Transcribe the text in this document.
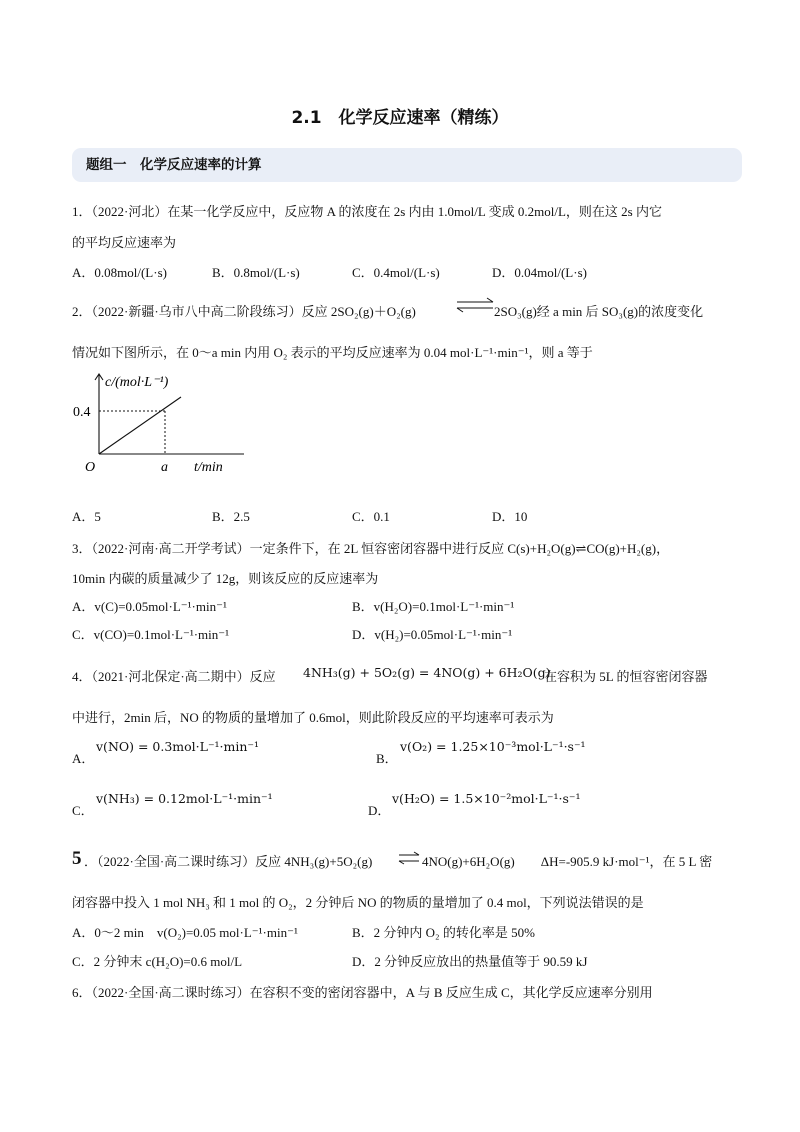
2.1　化学反应速率（精练）
题组一　化学反应速率的计算
1．（2022·河北）在某一化学反应中，反应物 A 的浓度在 2s 内由 1.0mol/L 变成 0.2mol/L，则在这 2s 内它
的平均反应速率为
A．0.08mol/(L·s)	B．0.8mol/(L·s)	C．0.4mol/(L·s)	D．0.04mol/(L·s)
2．（2022·新疆·乌市八中高二阶段练习）反应 2SO₂(g)＋O₂(g) ⇌ 2SO₃(g)经 a min 后 SO₃(g)的浓度变化
情况如下图所示，在 0～a min 内用 O₂ 表示的平均反应速率为 0.04 mol·L⁻¹·min⁻¹，则 a 等于
c/(mol·L⁻¹)
0.4
O	a t/min
A．5	B．2.5	C．0.1	D．10
3．（2022·河南·高二开学考试）一定条件下，在 2L 恒容密闭容器中进行反应 C(s)+H₂O(g)⇌CO(g)+H₂(g)，
10min 内碳的质量减少了 12g，则该反应的反应速率为
A．v(C)=0.05mol·L⁻¹·min⁻¹	B．v(H₂O)=0.1mol·L⁻¹·min⁻¹
C．v(CO)=0.1mol·L⁻¹·min⁻¹	D．v(H₂)=0.05mol·L⁻¹·min⁻¹
4．（2021·河北保定·高二期中）反应 4NH₃(g) + 5O₂(g) = 4NO(g) + 6H₂O(g)
在容积为 5L 的恒容密闭容器
中进行，2min 后，NO 的物质的量增加了 0.6mol，则此阶段反应的平均速率可表示为
A．
v(NO) = 0.3mol·L⁻¹·min⁻¹
B．
v(O₂) = 1.25×10⁻³mol·L⁻¹·s⁻¹
C．
v(NH₃) = 0.12mol·L⁻¹·min⁻¹
D．
v(H₂O) = 1.5×10⁻²mol·L⁻¹·s⁻¹
5 ．（2022·全国·高二课时练习）反应 4NH₃(g)+5O₂(g) ⇌ 4NO(g)+6H₂O(g)　　ΔH=-905.9 kJ·mol⁻¹，在 5 L 密
闭容器中投入 1 mol NH₃ 和 1 mol 的 O₂，2 分钟后 NO 的物质的量增加了 0.4 mol，下列说法错误的是
A．0～2 min　v(O₂)=0.05 mol·L⁻¹·min⁻¹	B．2 分钟内 O₂ 的转化率是 50%
C．2 分钟末 c(H₂O)=0.6 mol/L	D．2 分钟反应放出的热量值等于 90.59 kJ
6．（2022·全国·高二课时练习）在容积不变的密闭容器中，A 与 B 反应生成 C，其化学反应速率分别用
